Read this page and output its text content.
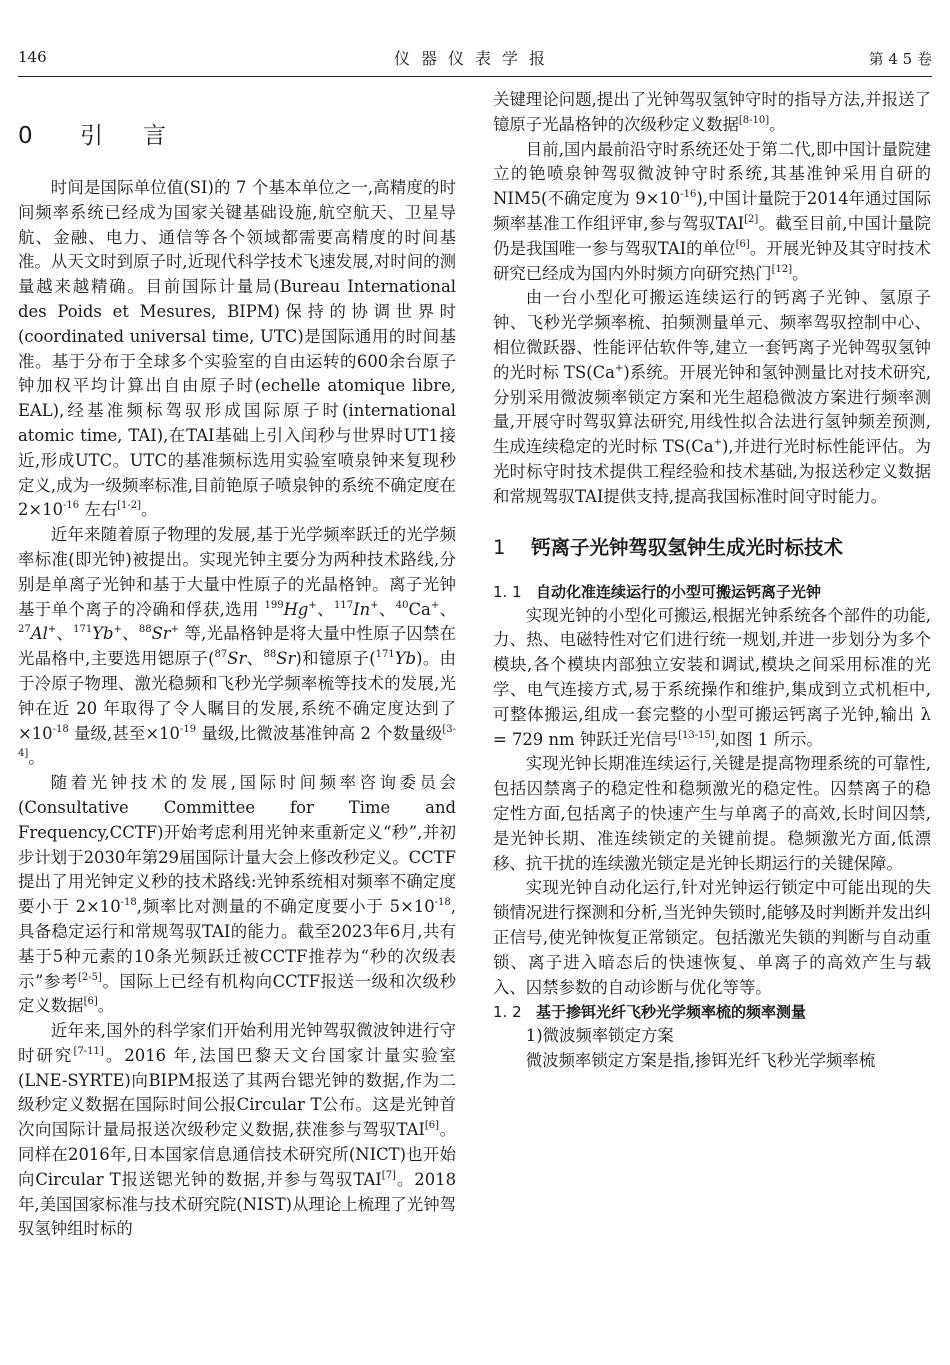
146	仪器仪表学报	第 4 5 卷
0 引 言

时间是国际单位值(SI)的 7 个基本单位之一,高精度的时间频率系统已经成为国家关键基础设施,航空航天、卫星导航、金融、电力、通信等各个领域都需要高精度的时间基准。从天文时到原子时,近现代科学技术飞速发展,对时间的测量越来越精确。目前国际计量局(Bureau International des Poids et Mesures, BIPM)保持的协调世界时(coordinated universal time, UTC)是国际通用的时间基准。基于分布于全球多个实验室的自由运转的600余台原子钟加权平均计算出自由原子时(echelle atomique libre, EAL),经基准频标驾驭形成国际原子时(international atomic time, TAI),在TAI基础上引入闰秒与世界时UT1接近,形成UTC。UTC的基准频标选用实验室喷泉钟来复现秒定义,成为一级频率标准,目前铯原子喷泉钟的系统不确定度在 $2\times 10^{-16}$ 左右[1-2]。

近年来随着原子物理的发展,基于光学频率跃迁的光学频率标准(即光钟)被提出。实现光钟主要分为两种技术路线,分别是单离子光钟和基于大量中性原子的光晶格钟。离子光钟基于单个离子的冷确和俘获,选用 $^{199}$Hg+、$^{117}$In+、$^{40}$Ca+、$^{27}$Al+、$^{171}$Yb+、$^{88}$Sr+ 等,光晶格钟是将大量中性原子囚禁在光晶格中,主要选用锶原子($^{87}$Sr、$^{88}$Sr)和镱原子($^{171}$Yb)。由于冷原子物理、激光稳频和飞秒光学频率梳等技术的发展,光钟在近 20 年取得了令人瞩目的发展,系统不确定度达到了$\times 10^{-18}$ 量级,甚至$\times 10^{-19}$ 量级,比微波基准钟高 2 个数量级[3-4]。

随着光钟技术的发展,国际时间频率咨询委员会(Consultative Committee for Time and Frequency,CCTF)开始考虑利用光钟来重新定义“秒”,并初步计划于2030年第29届国际计量大会上修改秒定义。CCTF提出了用光钟定义秒的技术路线:光钟系统相对频率不确定度要小于 $2\times 10^{-18}$,频率比对测量的不确定度要小于 $5\times 10^{-18}$,具备稳定运行和常规驾驭TAI的能力。截至2023年6月,共有基于5种元素的10条光频跃迁被CCTF推荐为“秒的次级表示”参考[2-5]。国际上已经有机构向CCTF报送一级和次级秒定义数据[6]。

近年来,国外的科学家们开始利用光钟驾驭微波钟进行守时研究[7-11]。2016 年,法国巴黎天文台国家计量实验室(LNE-SYRTE)向BIPM报送了其两台锶光钟的数据,作为二级秒定义数据在国际时间公报Circular T公布。这是光钟首次向国际计量局报送次级秒定义数据,获准参与驾驭TAI[6]。同样在2016年,日本国家信息通信技术研究所(NICT)也开始向Circular T报送锶光钟的数据,并参与驾驭TAI[7]。2018 年,美国国家标准与技术研究院(NIST)从理论上梳理了光钟驾驭氢钟组时标的

关键理论问题,提出了光钟驾驭氢钟守时的指导方法,并报送了镱原子光晶格钟的次级秒定义数据[8-10]。

目前,国内最前沿守时系统还处于第二代,即中国计量院建立的铯喷泉钟驾驭微波钟守时系统,其基准钟采用自研的NIM5(不确定度为 $9\times 10^{-16}$),中国计量院于2014年通过国际频率基准工作组评审,参与驾驭TAI[2]。截至目前,中国计量院仍是我国唯一参与驾驭TAI的单位[6]。开展光钟及其守时技术研究已经成为国内外时频方向研究热门[12]。

由一台小型化可搬运连续运行的钙离子光钟、氢原子钟、飞秒光学频率梳、拍频测量单元、频率驾驭控制中心、相位微跃器、性能评估软件等,建立一套钙离子光钟驾驭氢钟的光时标 TS(Ca+)系统。开展光钟和氢钟测量比对技术研究,分别采用微波频率锁定方案和光生超稳微波方案进行频率测量,开展守时驾驭算法研究,用线性拟合法进行氢钟频差预测,生成连续稳定的光时标 TS(Ca+),并进行光时标性能评估。为光时标守时技术提供工程经验和技术基础,为报送秒定义数据和常规驾驭TAI提供支持,提高我国标准时间守时能力。

1 钙离子光钟驾驭氢钟生成光时标技术
1. 1 自动化准连续运行的小型可搬运钙离子光钟

实现光钟的小型化可搬运,根据光钟系统各个部件的功能,力、热、电磁特性对它们进行统一规划,并进一步划分为多个模块,各个模块内部独立安装和调试,模块之间采用标准的光学、电气连接方式,易于系统操作和维护,集成到立式机柜中,可整体搬运,组成一套完整的小型可搬运钙离子光钟,输出 λ = 729 nm 钟跃迁光信号[13-15],如图 1 所示。

实现光钟长期准连续运行,关键是提高物理系统的可靠性,包括囚禁离子的稳定性和稳频激光的稳定性。囚禁离子的稳定性方面,包括离子的快速产生与单离子的高效,长时间囚禁,是光钟长期、准连续锁定的关键前提。稳频激光方面,低漂移、抗干扰的连续激光锁定是光钟长期运行的关键保障。

实现光钟自动化运行,针对光钟运行锁定中可能出现的失锁情况进行探测和分析,当光钟失锁时,能够及时判断并发出纠正信号,使光钟恢复正常锁定。包括激光失锁的判断与自动重锁、离子进入暗态后的快速恢复、单离子的高效产生与载入、囚禁参数的自动诊断与优化等等。

1. 2 基于掺铒光纤飞秒光学频率梳的频率测量

1)微波频率锁定方案

微波频率锁定方案是指,掺铒光纤飞秒光学频率梳
